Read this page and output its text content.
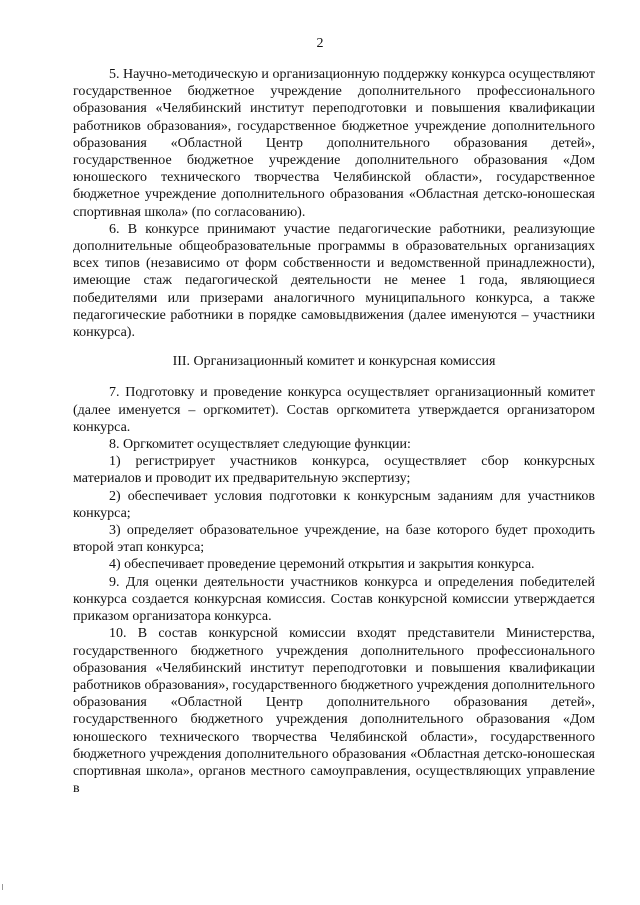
2

5. Научно-методическую и организационную поддержку конкурса осуществляют государственное бюджетное учреждение дополнительного профессионального образования «Челябинский институт переподготовки и повышения квалификации работников образования», государственное бюджетное учреждение дополнительного образования «Областной Центр дополнительного образования детей», государственное бюджетное учреждение дополнительного образования «Дом юношеского технического творчества Челябинской области», государственное бюджетное учреждение дополнительного образования «Областная детско-юношеская спортивная школа» (по согласованию).

6. В конкурсе принимают участие педагогические работники, реализующие дополнительные общеобразовательные программы в образовательных организациях всех типов (независимо от форм собственности и ведомственной принадлежности), имеющие стаж педагогической деятельности не менее 1 года, являющиеся победителями или призерами аналогичного муниципального конкурса, а также педагогические работники в порядке самовыдвижения (далее именуются – участники конкурса).

III. Организационный комитет и конкурсная комиссия

7. Подготовку и проведение конкурса осуществляет организационный комитет (далее именуется – оргкомитет). Состав оргкомитета утверждается организатором конкурса.

8. Оргкомитет осуществляет следующие функции:

1) регистрирует участников конкурса, осуществляет сбор конкурсных материалов и проводит их предварительную экспертизу;

2) обеспечивает условия подготовки к конкурсным заданиям для участников конкурса;

3) определяет образовательное учреждение, на базе которого будет проходить второй этап конкурса;

4) обеспечивает проведение церемоний открытия и закрытия конкурса.

9. Для оценки деятельности участников конкурса и определения победителей конкурса создается конкурсная комиссия. Состав конкурсной комиссии утверждается приказом организатора конкурса.

10. В состав конкурсной комиссии входят представители Министерства, государственного бюджетного учреждения дополнительного профессионального образования «Челябинский институт переподготовки и повышения квалификации работников образования», государственного бюджетного учреждения дополнительного образования «Областной Центр дополнительного образования детей», государственного бюджетного учреждения дополнительного образования «Дом юношеского технического творчества Челябинской области», государственного бюджетного учреждения дополнительного образования «Областная детско-юношеская спортивная школа», органов местного самоуправления, осуществляющих управление в
